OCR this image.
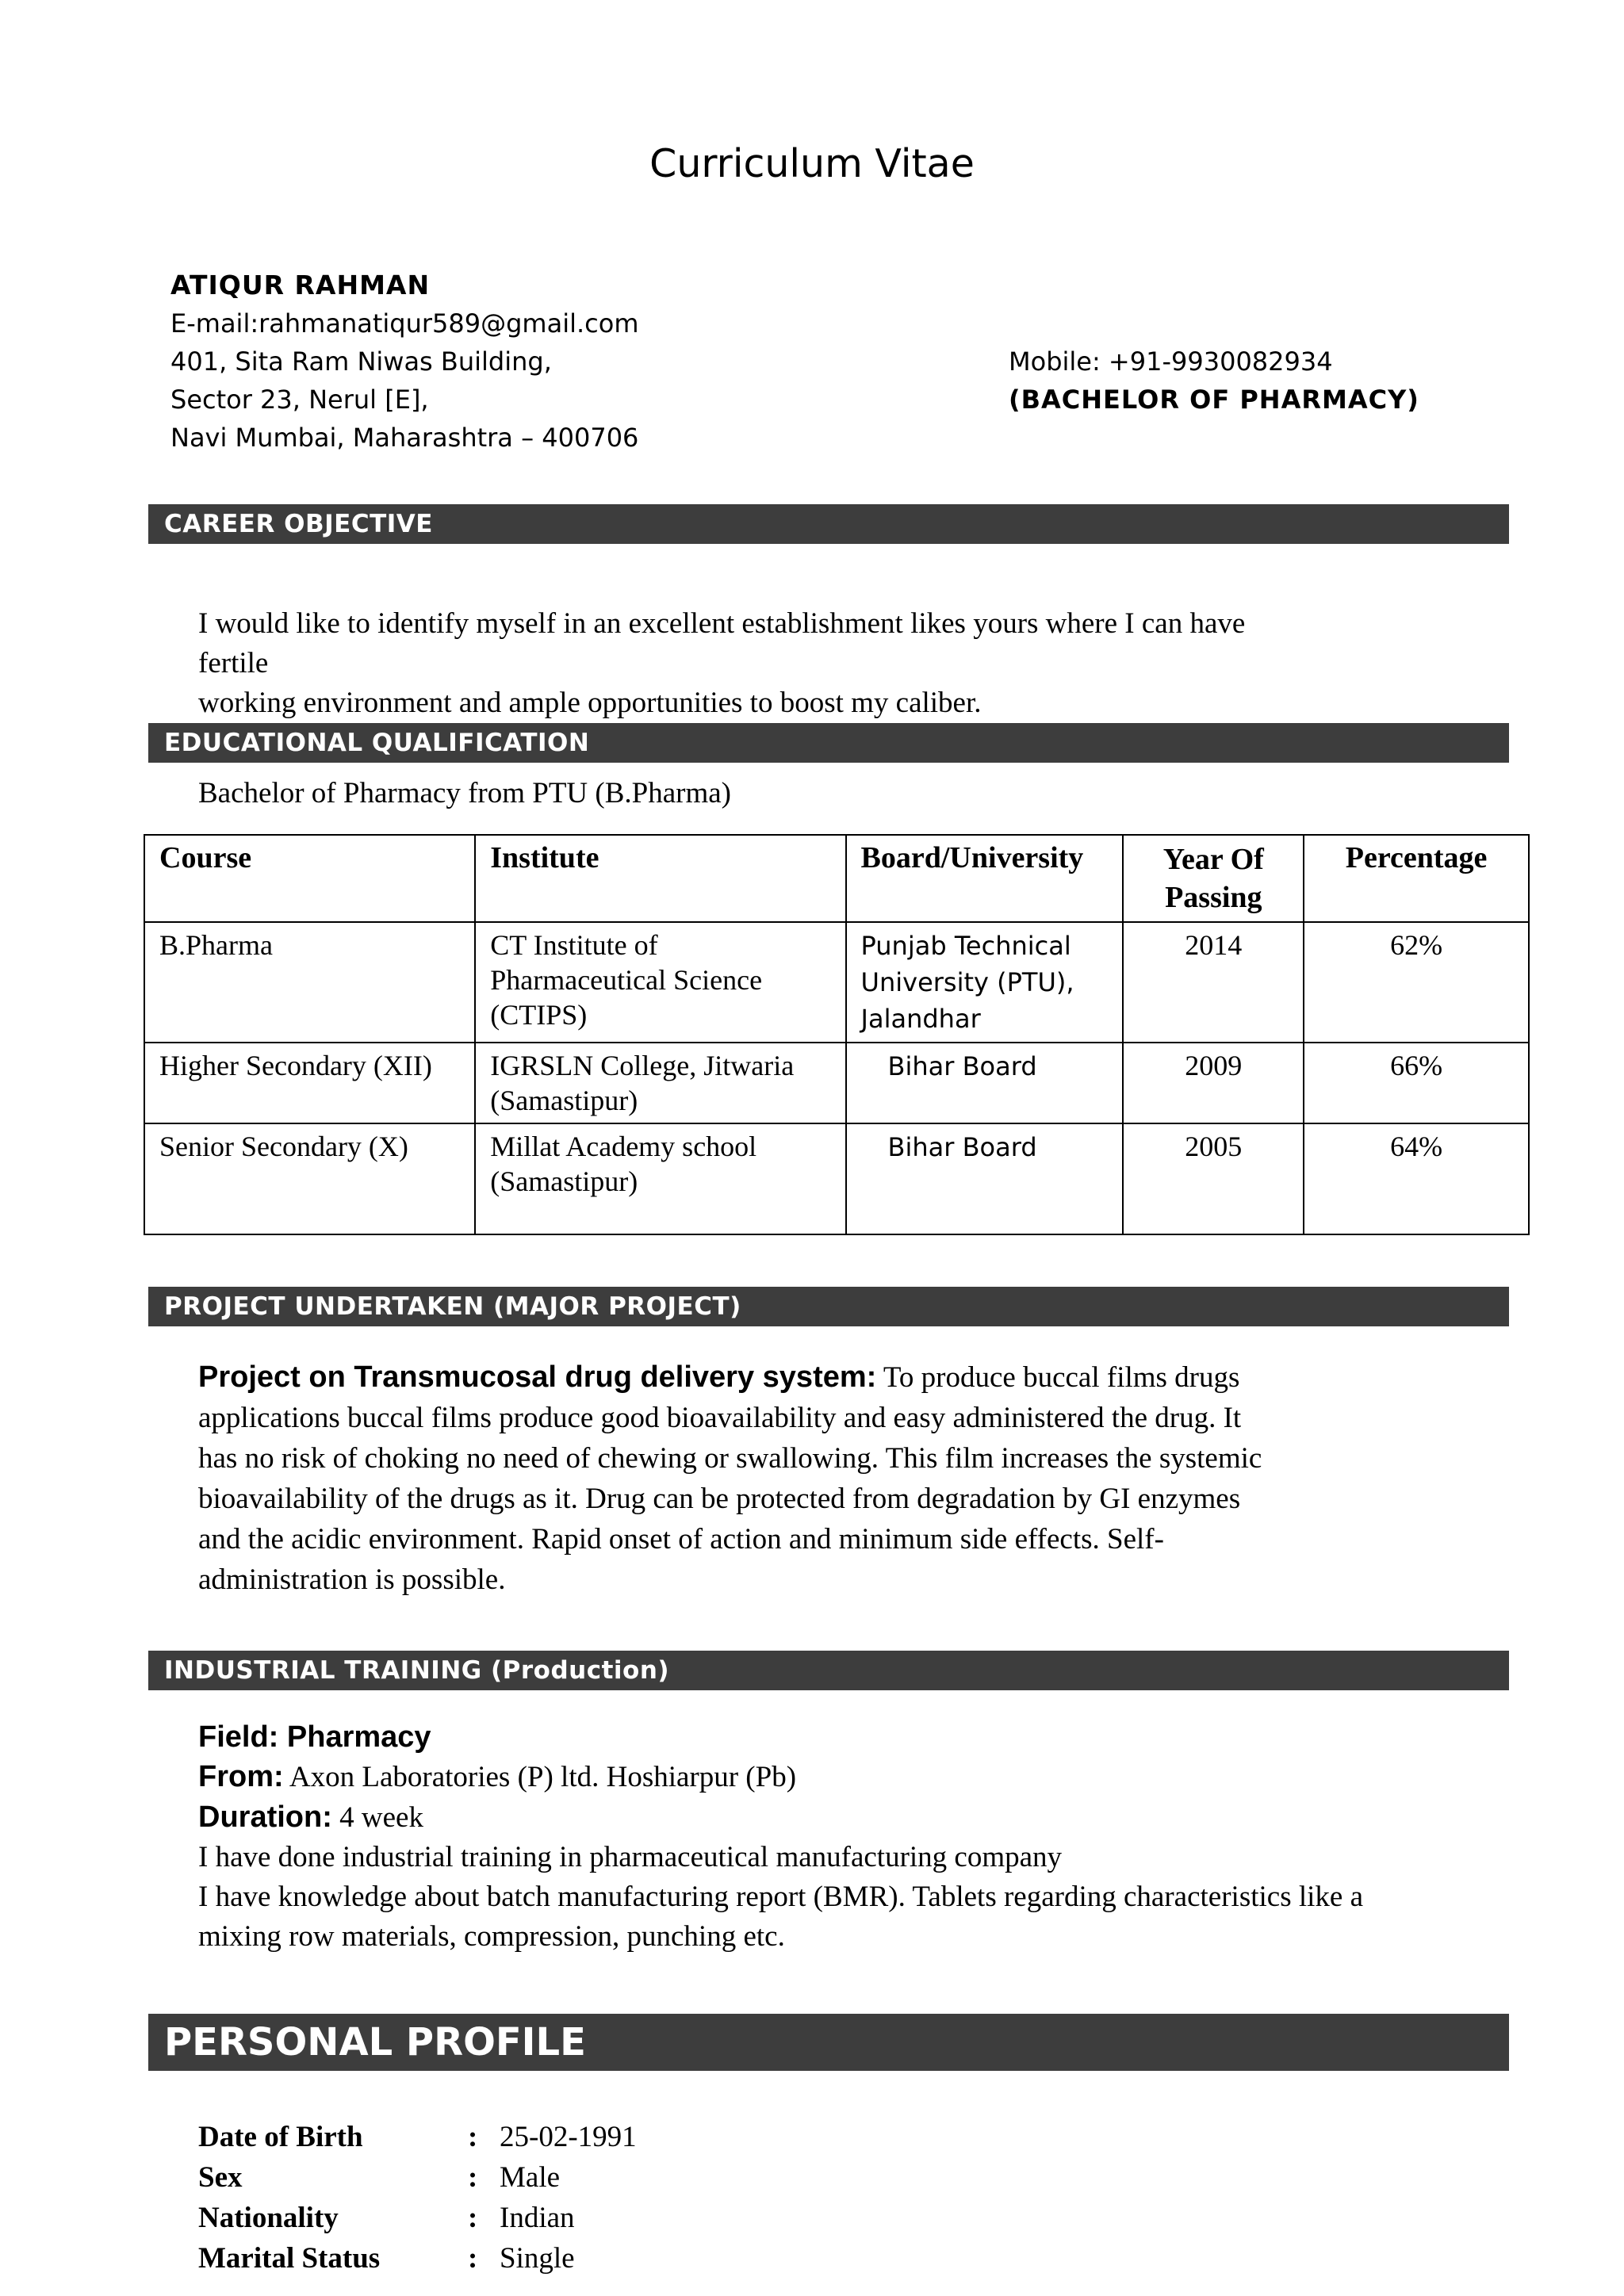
Curriculum Vitae
ATIQUR RAHMAN
E-mail:rahmanatiqur589@gmail.com
401, Sita Ram Niwas Building,
Sector 23, Nerul [E],
Navi Mumbai, Maharashtra – 400706
Mobile: +91-9930082934
(BACHELOR OF PHARMACY)
CAREER OBJECTIVE
I would like to identify myself in an excellent establishment likes yours where I can have fertile
working environment and ample opportunities to boost my caliber.
EDUCATIONAL QUALIFICATION
Bachelor of Pharmacy from PTU (B.Pharma)
Course	Institute	Board/University	Year Of Passing	Percentage
B.Pharma	CT Institute of Pharmaceutical Science (CTIPS)	Punjab Technical University (PTU), Jalandhar	2014	62%
Higher Secondary (XII)	IGRSLN College, Jitwaria (Samastipur)	Bihar Board	2009	66%
Senior Secondary (X)	Millat Academy school (Samastipur)	Bihar Board	2005	64%
PROJECT UNDERTAKEN (MAJOR PROJECT)
Project on Transmucosal drug delivery system: To produce buccal films drugs
applications buccal films produce good bioavailability and easy administered the drug. It
has no risk of choking no need of chewing or swallowing. This film increases the systemic
bioavailability of the drugs as it. Drug can be protected from degradation by GI enzymes
and the acidic environment. Rapid onset of action and minimum side effects. Self-
administration is possible.
INDUSTRIAL TRAINING (Production)
Field: Pharmacy
From: Axon Laboratories (P) ltd. Hoshiarpur (Pb)
Duration: 4 week
I have done industrial training in pharmaceutical manufacturing company
I have knowledge about batch manufacturing report (BMR). Tablets regarding characteristics like a
mixing row materials, compression, punching etc.
PERSONAL PROFILE
Date of Birth	: 25-02-1991
Sex	: Male
Nationality	: Indian
Marital Status	: Single
